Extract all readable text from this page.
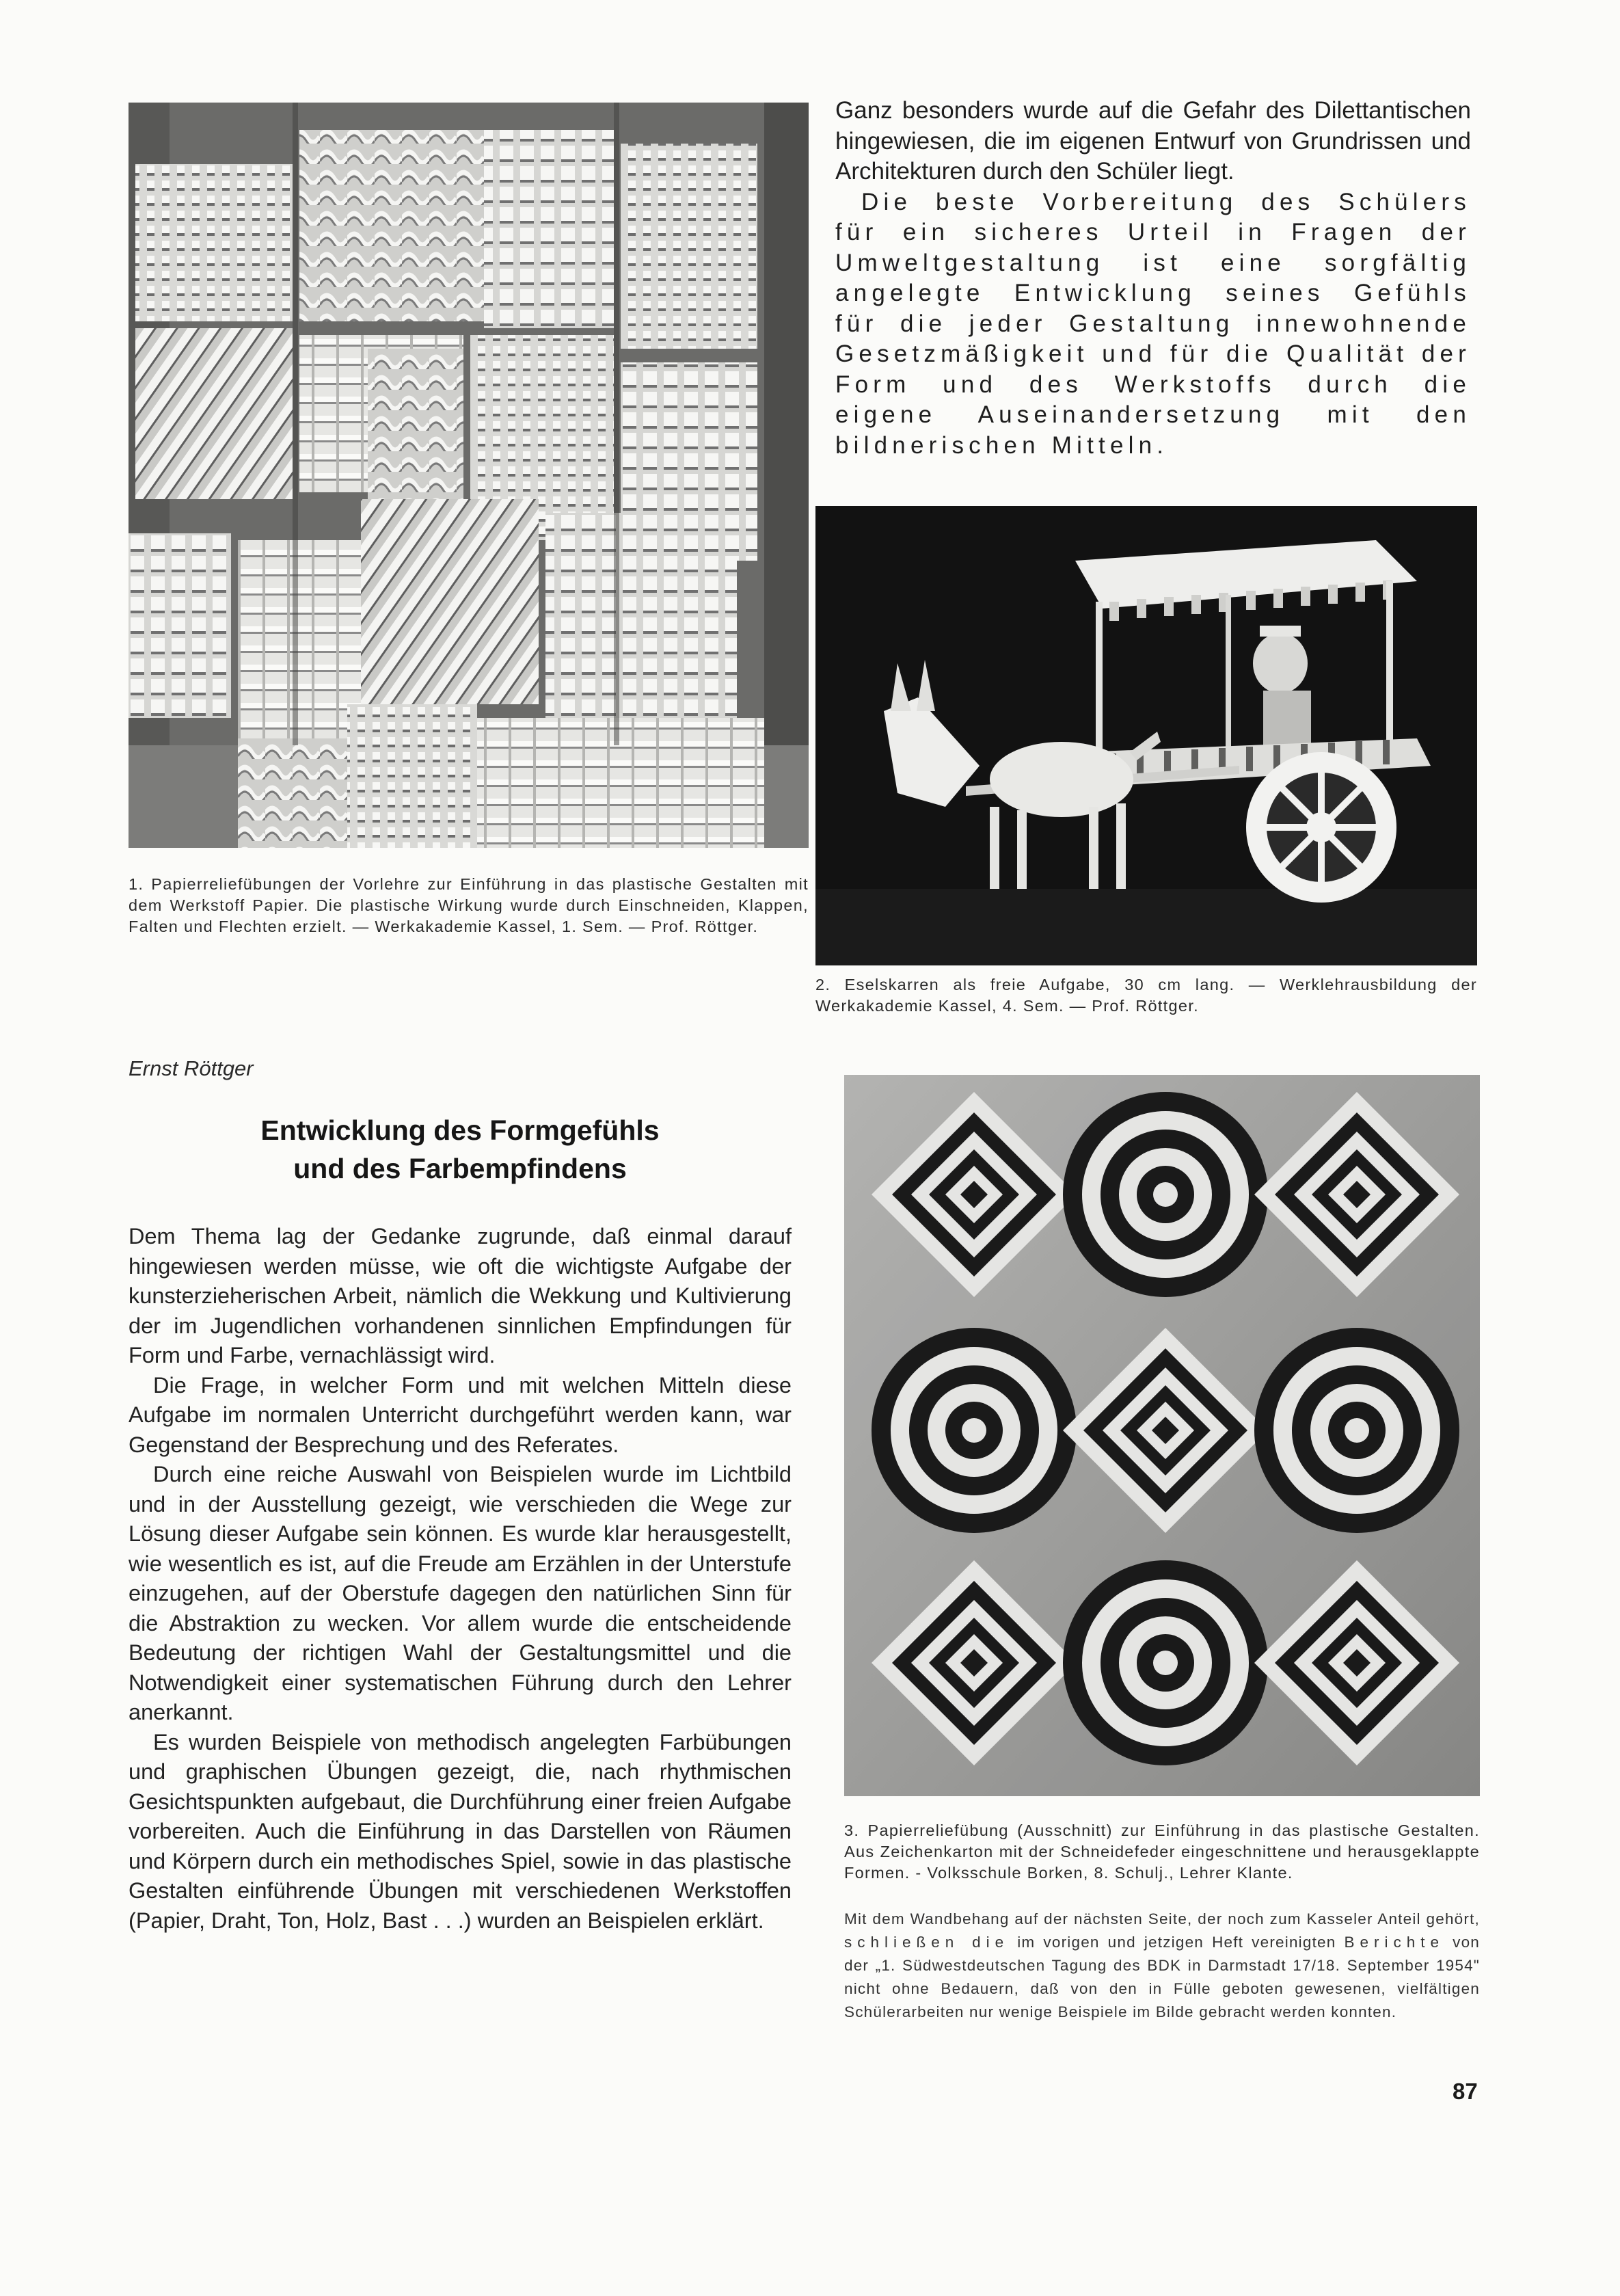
Ganz besonders wurde auf die Gefahr des Dilettantischen hingewiesen, die im eigenen Entwurf von Grundrissen und Architekturen durch den Schüler liegt.

Die beste Vorbereitung des Schülers für ein sicheres Urteil in Fragen der Umweltgestaltung ist eine sorgfältig angelegte Entwicklung seines Gefühls für die jeder Gestaltung innewohnende Gesetzmäßigkeit und für die Qualität der Form und des Werkstoffs durch die eigene Auseinandersetzung mit den bildnerischen Mitteln.

1. Papierreliefübungen der Vorlehre zur Einführung in das plastische Gestalten mit dem Werkstoff Papier. Die plastische Wirkung wurde durch Einschneiden, Klappen, Falten und Flechten erzielt. — Werkakademie Kassel, 1. Sem. — Prof. Röttger.

2. Eselskarren als freie Aufgabe, 30 cm lang. — Werklehrausbildung der Werkakademie Kassel, 4. Sem. — Prof. Röttger.

Ernst Röttger
Entwicklung des Formgefühls
und des Farbempfindens

Dem Thema lag der Gedanke zugrunde, daß einmal darauf hingewiesen werden müsse, wie oft die wichtigste Aufgabe der kunsterzieherischen Arbeit, nämlich die Wekkung und Kultivierung der im Jugendlichen vorhandenen sinnlichen Empfindungen für Form und Farbe, vernachlässigt wird.

Die Frage, in welcher Form und mit welchen Mitteln diese Aufgabe im normalen Unterricht durchgeführt werden kann, war Gegenstand der Besprechung und des Referates.

Durch eine reiche Auswahl von Beispielen wurde im Lichtbild und in der Ausstellung gezeigt, wie verschieden die Wege zur Lösung dieser Aufgabe sein können. Es wurde klar herausgestellt, wie wesentlich es ist, auf die Freude am Erzählen in der Unterstufe einzugehen, auf der Oberstufe dagegen den natürlichen Sinn für die Abstraktion zu wecken. Vor allem wurde die entscheidende Bedeutung der richtigen Wahl der Gestaltungsmittel und die Notwendigkeit einer systematischen Führung durch den Lehrer anerkannt.

Es wurden Beispiele von methodisch angelegten Farbübungen und graphischen Übungen gezeigt, die, nach rhythmischen Gesichtspunkten aufgebaut, die Durchführung einer freien Aufgabe vorbereiten. Auch die Einführung in das Darstellen von Räumen und Körpern durch ein methodisches Spiel, sowie in das plastische Gestalten einführende Übungen mit verschiedenen Werkstoffen (Papier, Draht, Ton, Holz, Bast . . .) wurden an Beispielen erklärt.

3. Papierreliefübung (Ausschnitt) zur Einführung in das plastische Gestalten. Aus Zeichenkarton mit der Schneidefeder eingeschnittene und herausgeklappte Formen. - Volksschule Borken, 8. Schulj., Lehrer Klante.

Mit dem Wandbehang auf der nächsten Seite, der noch zum Kasseler Anteil gehört, schließen die im vorigen und jetzigen Heft vereinigten Berichte von der „1. Südwestdeutschen Tagung des BDK in Darmstadt 17/18. September 1954" nicht ohne Bedauern, daß von den in Fülle geboten gewesenen, vielfältigen Schülerarbeiten nur wenige Beispiele im Bilde gebracht werden konnten.

87
